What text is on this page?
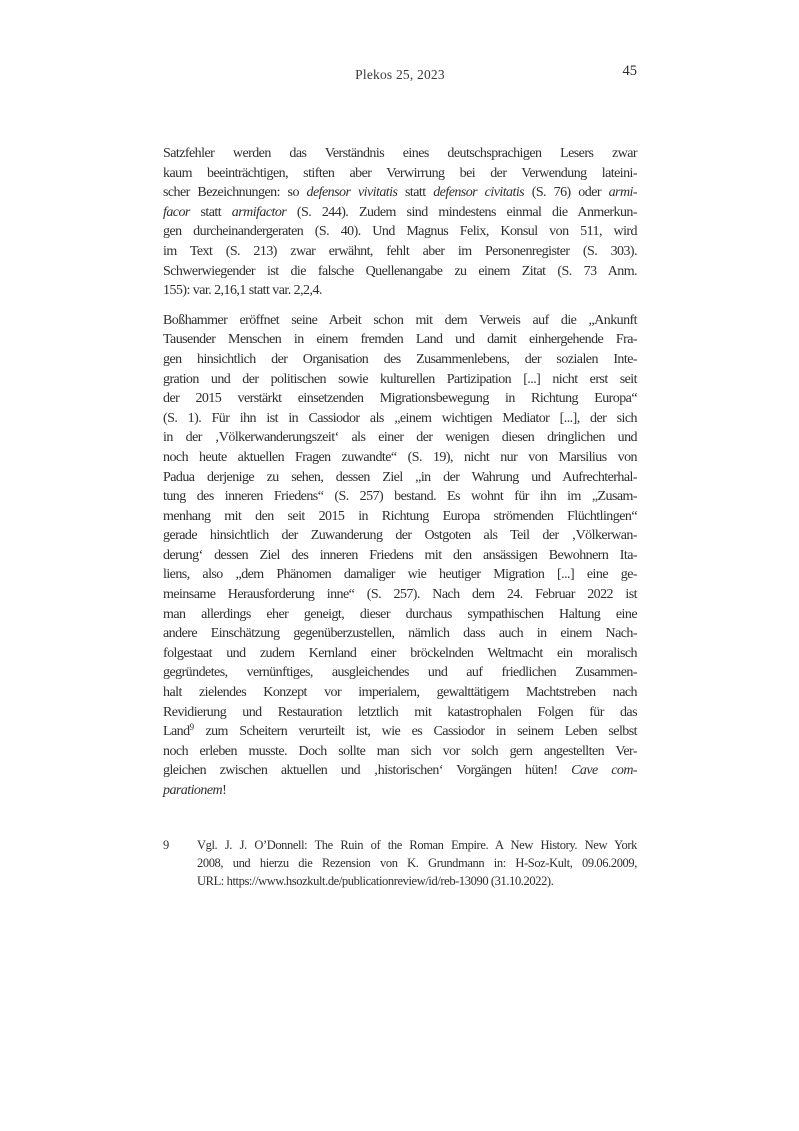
Plekos 25, 2023	45
Satzfehler werden das Verständnis eines deutschsprachigen Lesers zwar
kaum beeinträchtigen, stiften aber Verwirrung bei der Verwendung lateini-
scher Bezeichnungen: so defensor vivitatis statt defensor civitatis (S. 76) oder armi-
facor statt armifactor (S. 244). Zudem sind mindestens einmal die Anmerkun-
gen durcheinandergeraten (S. 40). Und Magnus Felix, Konsul von 511, wird
im Text (S. 213) zwar erwähnt, fehlt aber im Personenregister (S. 303).
Schwerwiegender ist die falsche Quellenangabe zu einem Zitat (S. 73 Anm.
155): var. 2,16,1 statt var. 2,2,4.
Boßhammer eröffnet seine Arbeit schon mit dem Verweis auf die „Ankunft
Tausender Menschen in einem fremden Land und damit einhergehende Fra-
gen hinsichtlich der Organisation des Zusammenlebens, der sozialen Inte-
gration und der politischen sowie kulturellen Partizipation [...] nicht erst seit
der 2015 verstärkt einsetzenden Migrationsbewegung in Richtung Europa“
(S. 1). Für ihn ist in Cassiodor als „einem wichtigen Mediator [...], der sich
in der ‚Völkerwanderungszeit‘ als einer der wenigen diesen dringlichen und
noch heute aktuellen Fragen zuwandte“ (S. 19), nicht nur von Marsilius von
Padua derjenige zu sehen, dessen Ziel „in der Wahrung und Aufrechterhal-
tung des inneren Friedens“ (S. 257) bestand. Es wohnt für ihn im „Zusam-
menhang mit den seit 2015 in Richtung Europa strömenden Flüchtlingen“
gerade hinsichtlich der Zuwanderung der Ostgoten als Teil der ‚Völkerwan-
derung‘ dessen Ziel des inneren Friedens mit den ansässigen Bewohnern Ita-
liens, also „dem Phänomen damaliger wie heutiger Migration [...] eine ge-
meinsame Herausforderung inne“ (S. 257). Nach dem 24. Februar 2022 ist
man allerdings eher geneigt, dieser durchaus sympathischen Haltung eine
andere Einschätzung gegenüberzustellen, nämlich dass auch in einem Nach-
folgestaat und zudem Kernland einer bröckelnden Weltmacht ein moralisch
gegründetes, vernünftiges, ausgleichendes und auf friedlichen Zusammen-
halt zielendes Konzept vor imperialem, gewalttätigem Machtstreben nach
Revidierung und Restauration letztlich mit katastrophalen Folgen für das
Land$^9$ zum Scheitern verurteilt ist, wie es Cassiodor in seinem Leben selbst
noch erleben musste. Doch sollte man sich vor solch gern angestellten Ver-
gleichen zwischen aktuellen und ‚historischen‘ Vorgängen hüten! Cave com-
parationem!
9 Vgl. J. J. O’Donnell: The Ruin of the Roman Empire. A New History. New York
2008, und hierzu die Rezension von K. Grundmann in: H-Soz-Kult, 09.06.2009,
URL: https://www.hsozkult.de/publicationreview/id/reb-13090 (31.10.2022).
